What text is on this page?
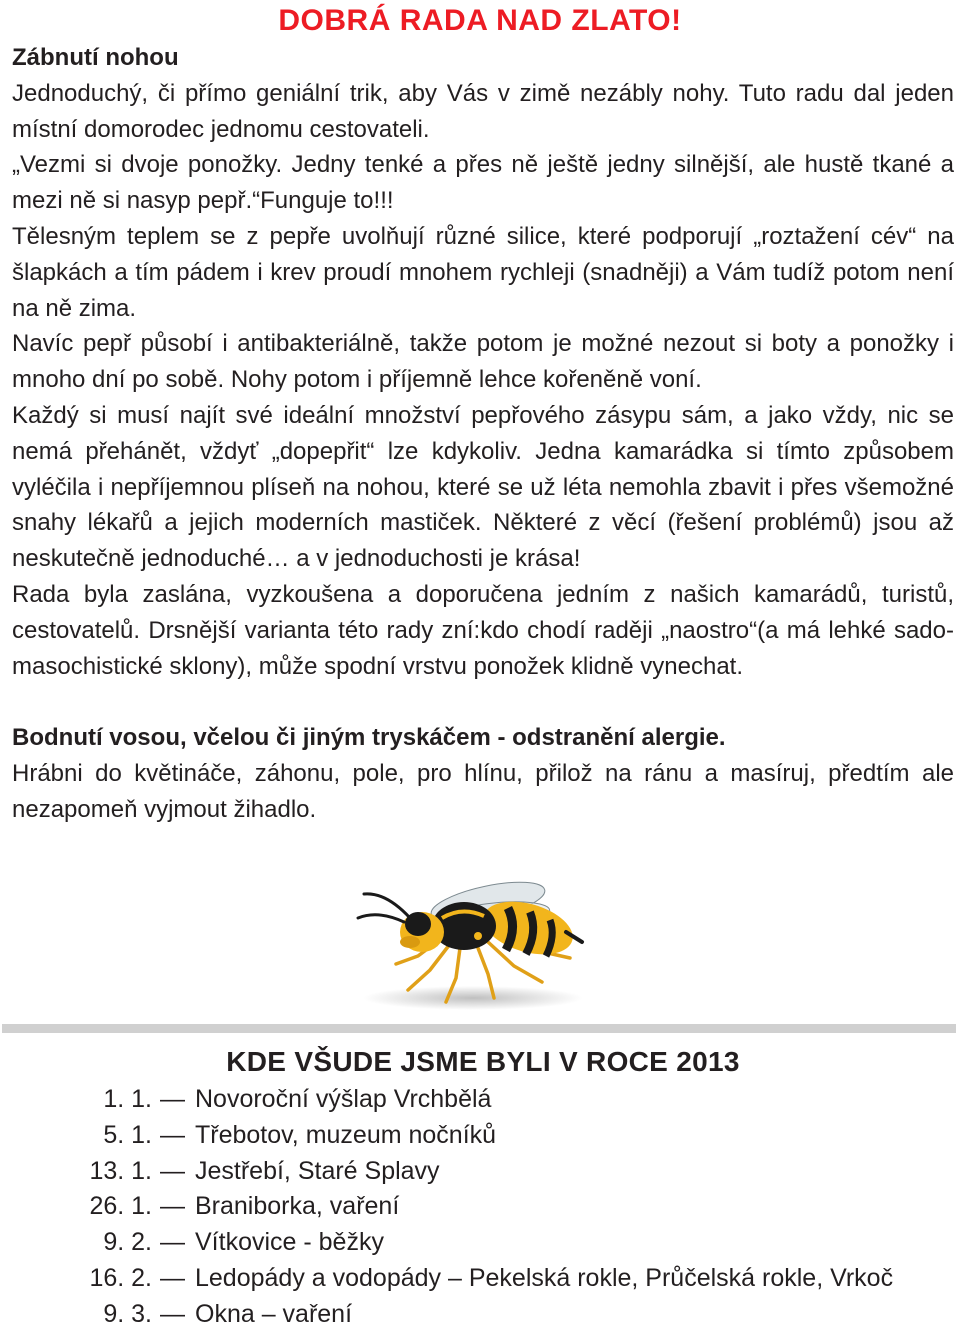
DOBRÁ RADA NAD ZLATO!

Zábnutí nohou

Jednoduchý, či přímo geniální trik, aby Vás v zimě nezábly nohy. Tuto radu dal jeden místní domorodec jednomu cestovateli.

„Vezmi si dvoje ponožky. Jedny tenké a přes ně ještě jedny silnější, ale hustě tkané a mezi ně si nasyp pepř.“Funguje to!!!

Tělesným teplem se z pepře uvolňují různé silice, které podporují „roztažení cév“ na šlapkách a tím pádem i krev proudí mnohem rychleji (snadněji) a Vám tudíž potom není na ně zima.

Navíc pepř působí i antibakteriálně, takže potom je možné nezout si boty a ponožky i mnoho dní po sobě. Nohy potom i příjemně lehce kořeněně voní.

Každý si musí najít své ideální množství pepřového zásypu sám, a jako vždy, nic se nemá přehánět, vždyť „dopepřit“ lze kdykoliv. Jedna kamarádka si tímto způsobem vyléčila i nepříjemnou plíseň na nohou, které se už léta nemohla zbavit i přes všemožné snahy lékařů a jejich moderních mastiček. Některé z věcí (řešení problémů) jsou až neskutečně jednoduché… a v jednoduchosti je krása!

Rada byla zaslána, vyzkoušena a doporučena jedním z našich kamarádů, turistů, cestovatelů. Drsnější varianta této rady zní:kdo chodí raději „naostro“(a má lehké sado-masochistické sklony), může spodní vrstvu ponožek klidně vynechat.

Bodnutí vosou, včelou či jiným tryskáčem - odstranění alergie.

Hrábni do květináče, záhonu, pole, pro hlínu, přilož na ránu a masíruj, předtím ale nezapomeň vyjmout žihadlo.

KDE VŠUDE JSME BYLI V ROCE 2013
1. 1. — Novoroční výšlap Vrchbělá
5. 1. — Třebotov, muzeum nočníků
13. 1. — Jestřebí, Staré Splavy
26. 1. — Braniborka, vaření
9. 2. — Vítkovice - běžky
16. 2. — Ledopády a vodopády – Pekelská rokle, Průčelská rokle, Vrkoč
9. 3. — Okna – vaření
